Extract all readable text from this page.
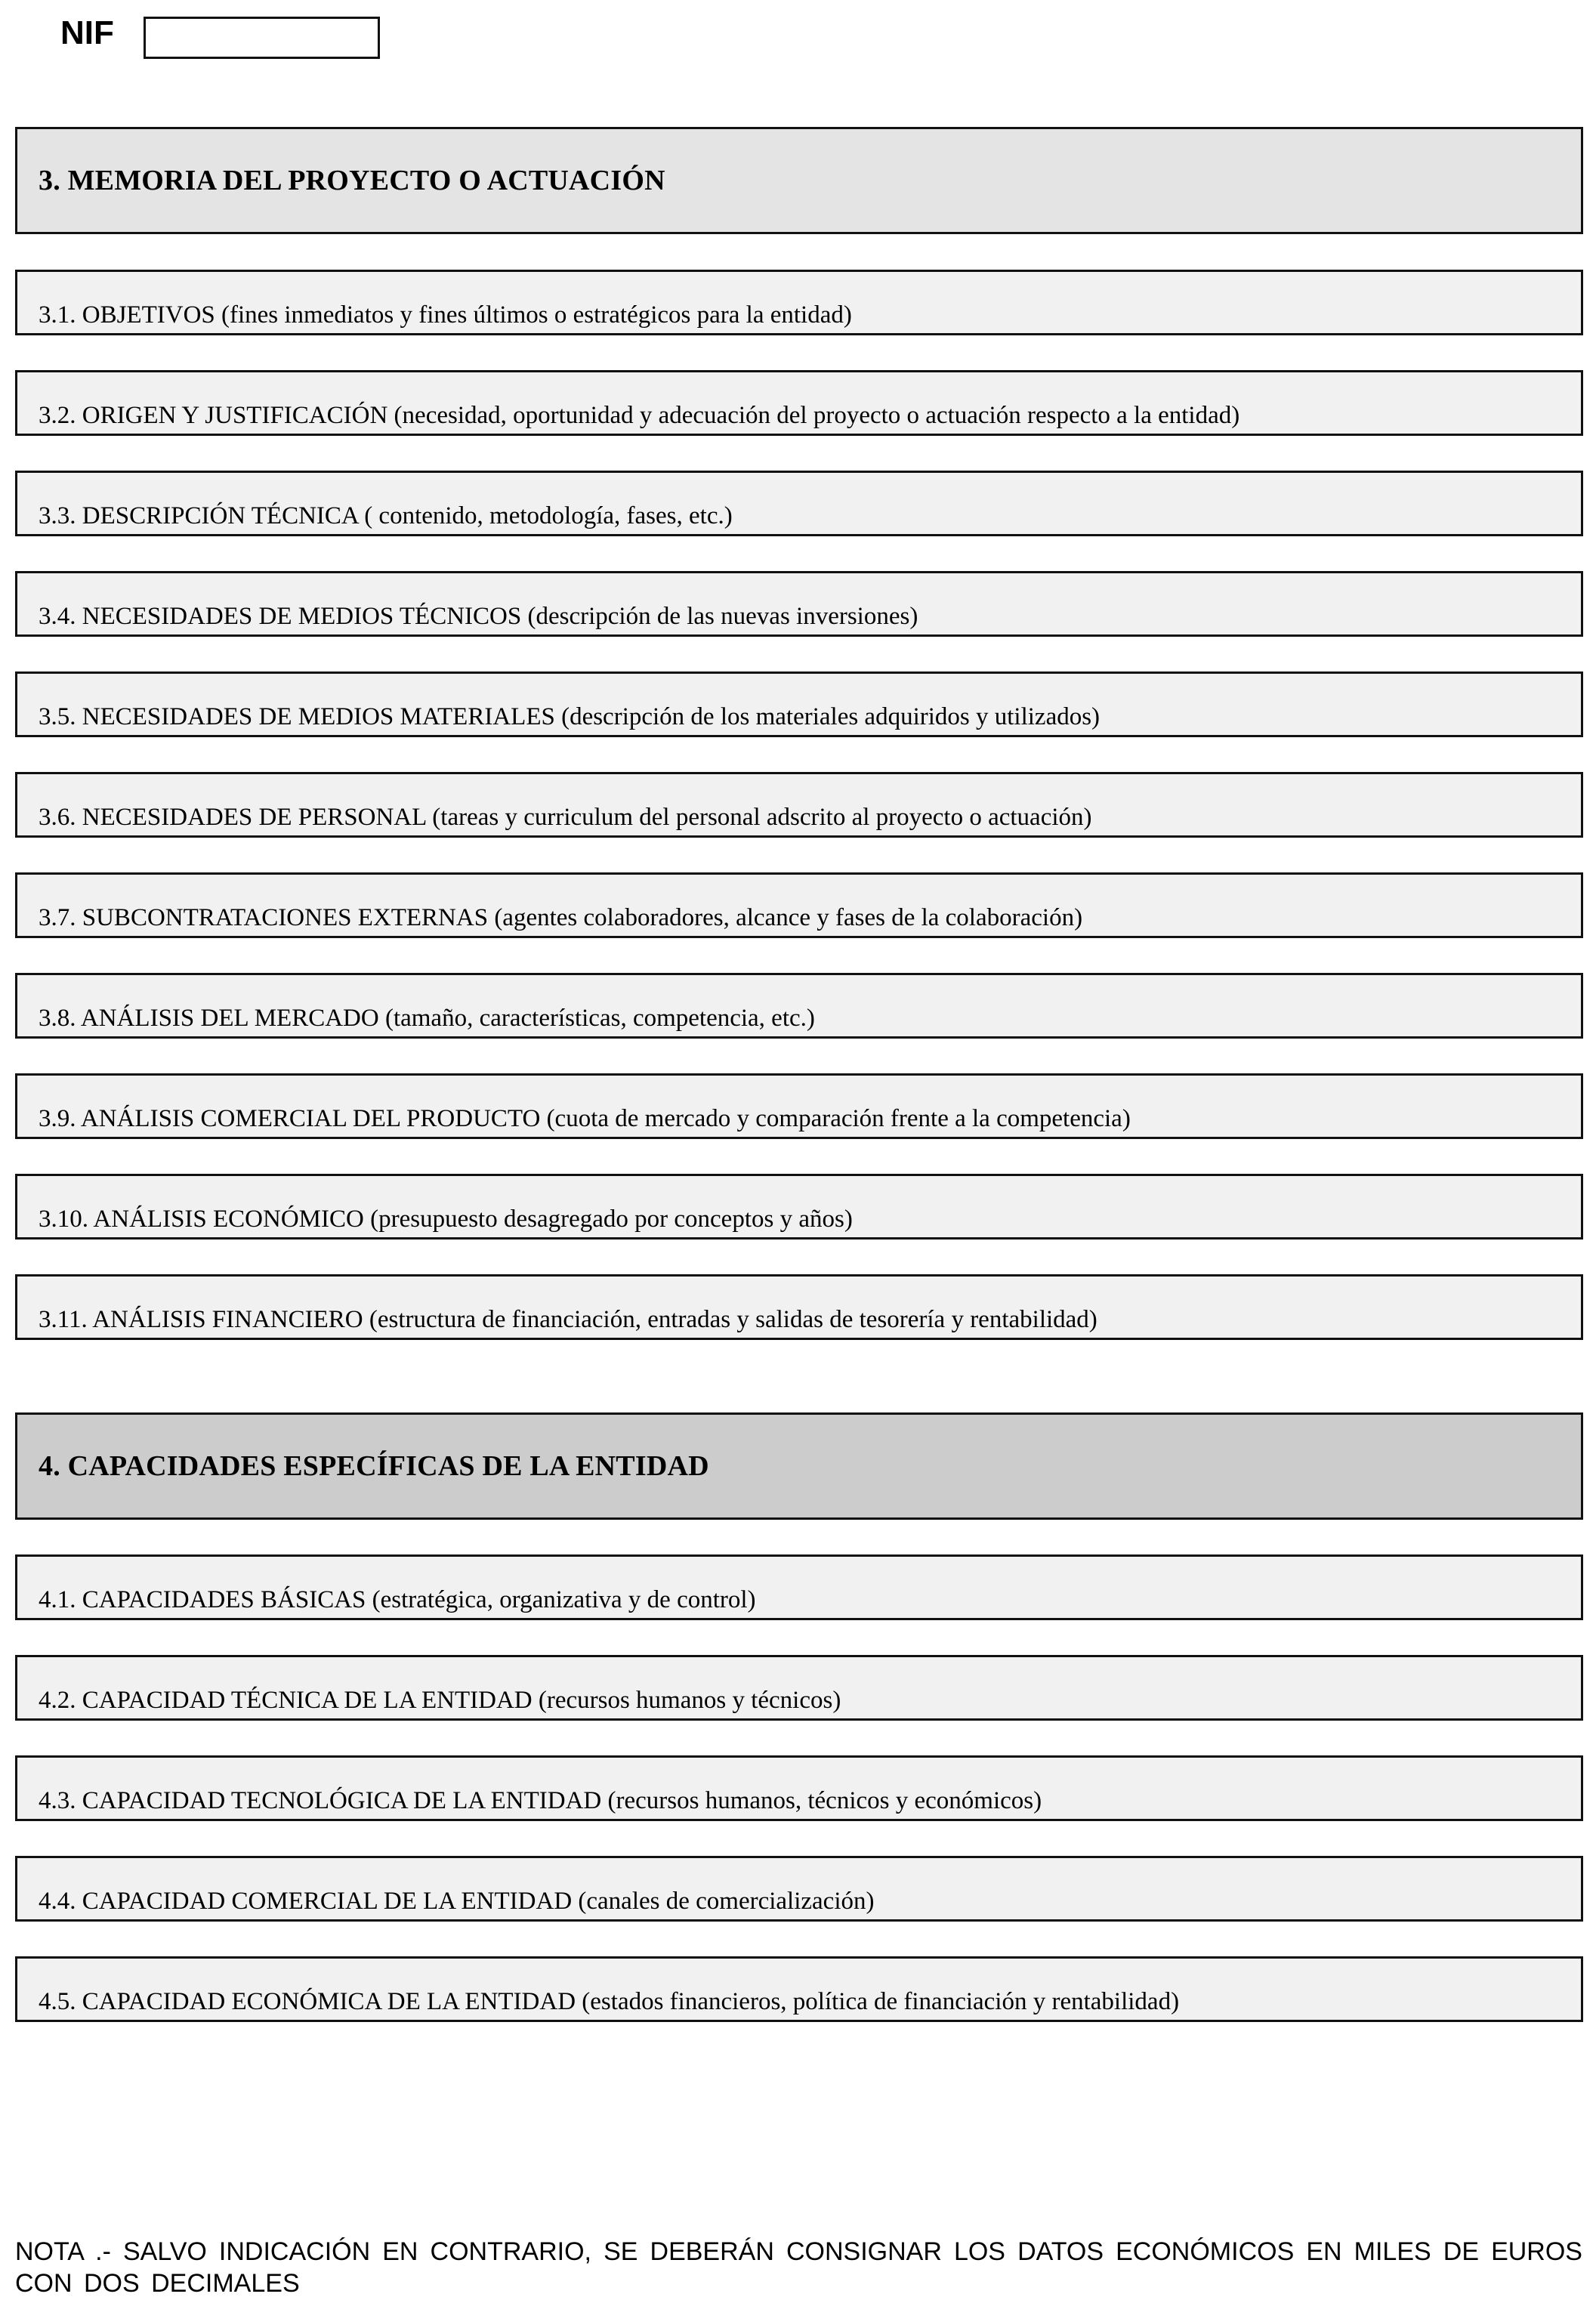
NIF
3. MEMORIA DEL PROYECTO O ACTUACIÓN
3.1. OBJETIVOS (fines inmediatos y fines últimos o estratégicos para la entidad)
3.2. ORIGEN Y JUSTIFICACIÓN (necesidad, oportunidad y adecuación del proyecto o actuación respecto a la entidad)
3.3. DESCRIPCIÓN TÉCNICA ( contenido, metodología, fases, etc.)
3.4. NECESIDADES DE MEDIOS TÉCNICOS (descripción de las nuevas inversiones)
3.5. NECESIDADES DE MEDIOS MATERIALES (descripción de los materiales adquiridos y utilizados)
3.6. NECESIDADES DE PERSONAL (tareas y curriculum del personal adscrito al proyecto o actuación)
3.7. SUBCONTRATACIONES EXTERNAS (agentes colaboradores, alcance y fases de la colaboración)
3.8. ANÁLISIS DEL MERCADO (tamaño, características, competencia, etc.)
3.9. ANÁLISIS COMERCIAL DEL PRODUCTO (cuota de mercado y comparación frente a la competencia)
3.10. ANÁLISIS ECONÓMICO (presupuesto desagregado por conceptos y años)
3.11. ANÁLISIS FINANCIERO (estructura de financiación, entradas y salidas de tesorería y rentabilidad)
4. CAPACIDADES ESPECÍFICAS DE LA ENTIDAD
4.1. CAPACIDADES BÁSICAS (estratégica, organizativa y de control)
4.2. CAPACIDAD TÉCNICA DE LA ENTIDAD (recursos humanos y técnicos)
4.3. CAPACIDAD TECNOLÓGICA DE LA ENTIDAD (recursos humanos, técnicos y económicos)
4.4. CAPACIDAD COMERCIAL DE LA ENTIDAD (canales de comercialización)
4.5. CAPACIDAD ECONÓMICA DE LA ENTIDAD (estados financieros, política de financiación y rentabilidad)
NOTA .- SALVO INDICACIÓN EN CONTRARIO, SE DEBERÁN CONSIGNAR LOS DATOS ECONÓMICOS EN MILES DE EUROS CON DOS DECIMALES
